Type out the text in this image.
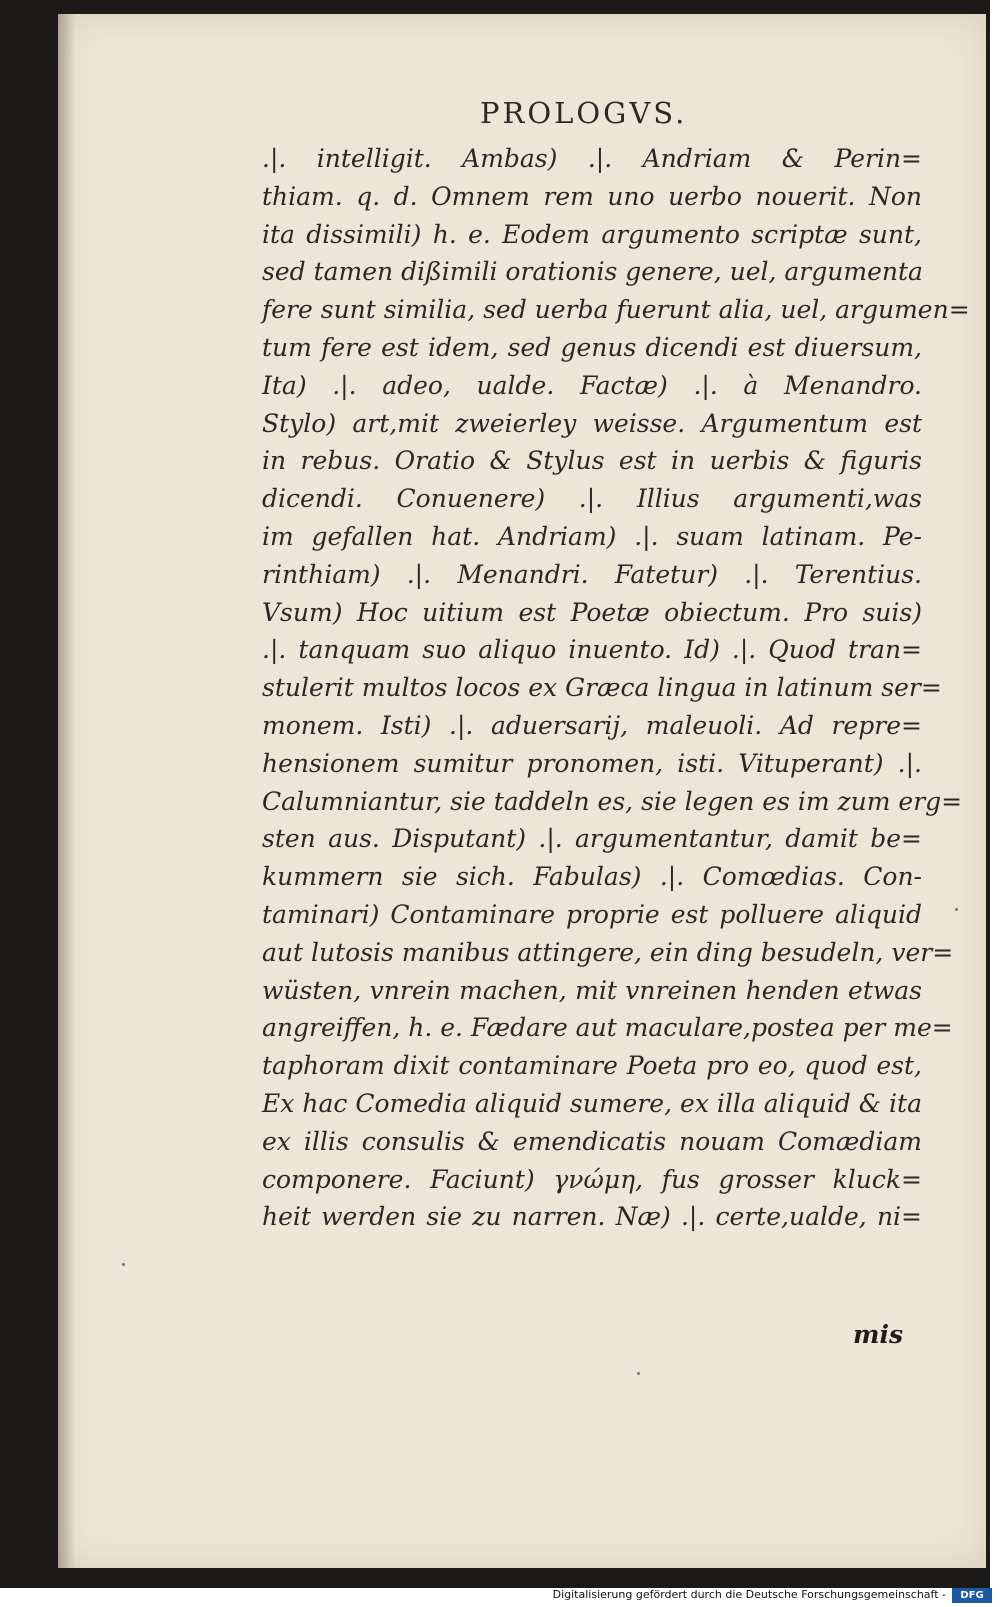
PROLOGVS.
.|. intelligit. Ambas) .|. Andriam & Perin=
thiam. q. d. Omnem rem uno uerbo nouerit. Non
ita dissimili) h. e. Eodem argumento scriptæ sunt,
sed tamen dißimili orationis genere, uel, argumenta
fere sunt similia, sed uerba fuerunt alia, uel, argumen=
tum fere est idem, sed genus dicendi est diuersum,
Ita) .|. adeo, ualde. Factæ) .|. à Menandro.
Stylo) art,mit zweierley weisse. Argumentum est
in rebus. Oratio & Stylus est in uerbis & figuris
dicendi. Conuenere) .|. Illius argumenti,was
im gefallen hat. Andriam) .|. suam latinam. Pe-
rinthiam) .|. Menandri. Fatetur) .|. Terentius.
Vsum) Hoc uitium est Poetæ obiectum. Pro suis)
.|. tanquam suo aliquo inuento. Id) .|. Quod tran=
stulerit multos locos ex Græca lingua in latinum ser=
monem. Isti) .|. aduersarij, maleuoli. Ad repre=
hensionem sumitur pronomen, isti. Vituperant) .|.
Calumniantur, sie taddeln es, sie legen es im zum erg=
sten aus. Disputant) .|. argumentantur, damit be=
kummern sie sich. Fabulas) .|. Comœdias. Con-
taminari) Contaminare proprie est polluere aliquid
aut lutosis manibus attingere, ein ding besudeln, ver=
wüsten, vnrein machen, mit vnreinen henden etwas
angreiffen, h. e. Fædare aut maculare,postea per me=
taphoram dixit contaminare Poeta pro eo, quod est,
Ex hac Comedia aliquid sumere, ex illa aliquid & ita
ex illis consulis & emendicatis nouam Comædiam
componere. Faciunt) γνώμη, fus grosser kluck=
heit werden sie zu narren. Næ) .|. certe,ualde, ni=
mis
Digitalisierung gefördert durch die Deutsche Forschungsgemeinschaft -	DFG
